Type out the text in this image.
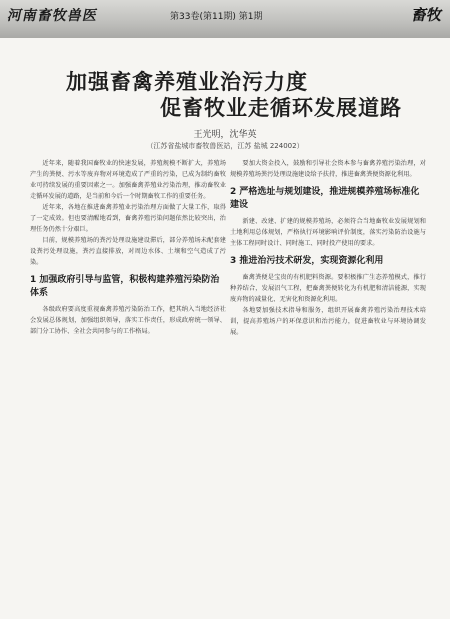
河南畜牧兽医	第33卷(第11期) 第1期	畜牧
加强畜禽养殖业治污力度
促畜牧业走循环发展道路
王光明，沈华英
（江苏省盐城市畜牧兽医站，江苏 盐城 224002）

近年来，随着我国畜牧业的快速发展，养殖规模不断扩大，养殖场产生的粪便、污水等废弃物对环境造成了严重的污染，已成为制约畜牧业可持续发展的重要因素之一。加强畜禽养殖业污染治理，推动畜牧业走循环发展的道路，是当前和今后一个时期畜牧工作的重要任务。

近年来，各地在推进畜禽养殖业污染治理方面做了大量工作，取得了一定成效。但也要清醒地看到，畜禽养殖污染问题依然比较突出，治理任务仍然十分艰巨。

目前，规模养殖场的粪污处理设施建设滞后，部分养殖场未配套建设粪污处理设施，粪污直接排放，对周边水体、土壤和空气造成了污染。

1 加强政府引导与监管，积极构建养殖污染防治体系

各级政府要高度重视畜禽养殖污染防治工作，把其纳入当地经济社会发展总体规划，加强组织领导，落实工作责任，形成政府统一领导、部门分工协作、全社会共同参与的工作格局。

要加大资金投入，鼓励和引导社会资本参与畜禽养殖污染治理，对规模养殖场粪污处理设施建设给予扶持，推进畜禽粪便资源化利用。

2 严格选址与规划建设，推进规模养殖场标准化建设

新建、改建、扩建的规模养殖场，必须符合当地畜牧业发展规划和土地利用总体规划，严格执行环境影响评价制度，落实污染防治设施与主体工程同时设计、同时施工、同时投产使用的要求。

3 推进治污技术研发，实现资源化利用

畜禽粪便是宝贵的有机肥料资源。要积极推广生态养殖模式，推行种养结合，发展沼气工程，把畜禽粪便转化为有机肥和清洁能源，实现废弃物的减量化、无害化和资源化利用。

各地要加强技术指导和服务，组织开展畜禽养殖污染治理技术培训，提高养殖场户的环保意识和治污能力，促进畜牧业与环境协调发展。
